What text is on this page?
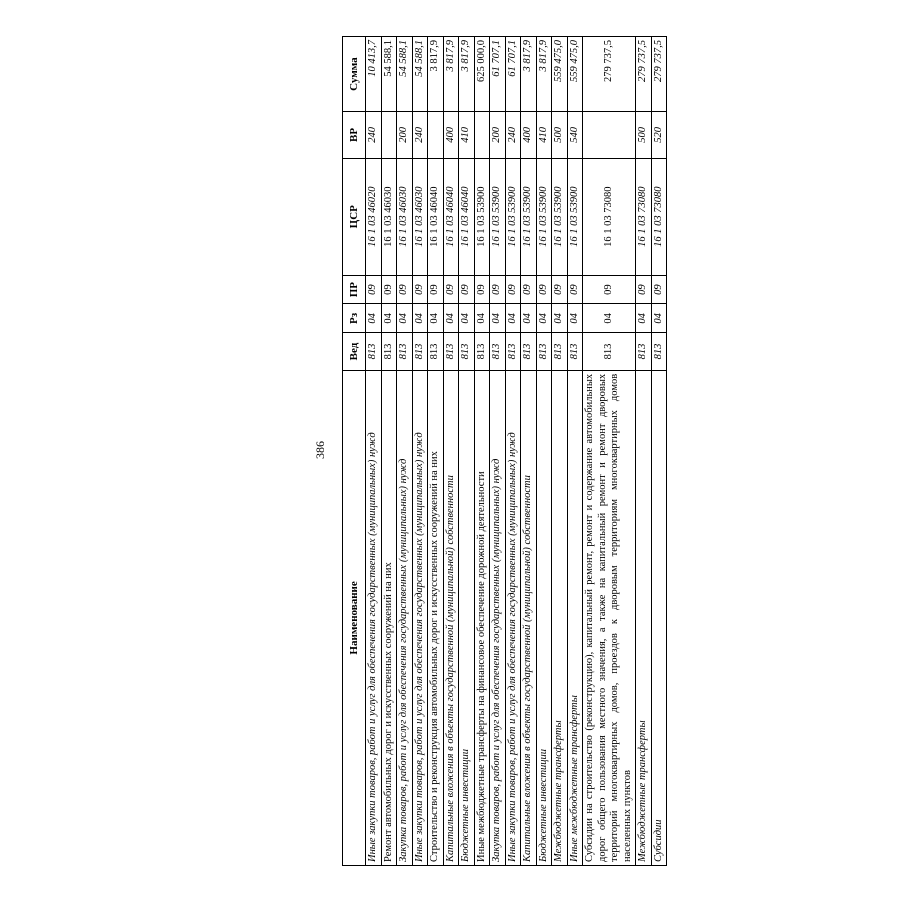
386
Наименование	Вед	Рз	ПР	ЦСР	ВР	Сумма
Иные закупки товаров, работ и услуг для обеспечения государственных (муниципальных) нужд	813	04	09	16 1 03 46020	240	10 413,7
Ремонт автомобильных дорог и искусственных сооружений на них	813	04	09	16 1 03 46030		54 588,1
Закупка товаров, работ и услуг для обеспечения государственных (муниципальных) нужд	813	04	09	16 1 03 46030	200	54 588,1
Иные закупки товаров, работ и услуг для обеспечения государственных (муниципальных) нужд	813	04	09	16 1 03 46030	240	54 588,1
Строительство и реконструкция автомобильных дорог и искусственных сооружений на них	813	04	09	16 1 03 46040		3 817,9
Капитальные вложения в объекты государственной (муниципальной) собственности	813	04	09	16 1 03 46040	400	3 817,9
Бюджетные инвестиции	813	04	09	16 1 03 46040	410	3 817,9
Иные межбюджетные трансферты на финансовое обеспечение дорожной деятельности	813	04	09	16 1 03 53900		625 000,0
Закупка товаров, работ и услуг для обеспечения государственных (муниципальных) нужд	813	04	09	16 1 03 53900	200	61 707,1
Иные закупки товаров, работ и услуг для обеспечения государственных (муниципальных) нужд	813	04	09	16 1 03 53900	240	61 707,1
Капитальные вложения в объекты государственной (муниципальной) собственности	813	04	09	16 1 03 53900	400	3 817,9
Бюджетные инвестиции	813	04	09	16 1 03 53900	410	3 817,9
Межбюджетные трансферты	813	04	09	16 1 03 53900	500	559 475,0
Иные межбюджетные трансферты	813	04	09	16 1 03 53900	540	559 475,0
Субсидии на строительство (реконструкцию), капитальный ремонт, ремонт и содержание автомобильных дорог общего пользования местного значения, а также на капитальный ремонт и ремонт дворовых территорий многоквартирных домов, проездов к дворовым территориям многоквартирных домов населенных пунктов	813	04	09	16 1 03 73080		279 737,5
Межбюджетные трансферты	813	04	09	16 1 03 73080	500	279 737,5
Субсидии	813	04	09	16 1 03 73080	520	279 737,5
